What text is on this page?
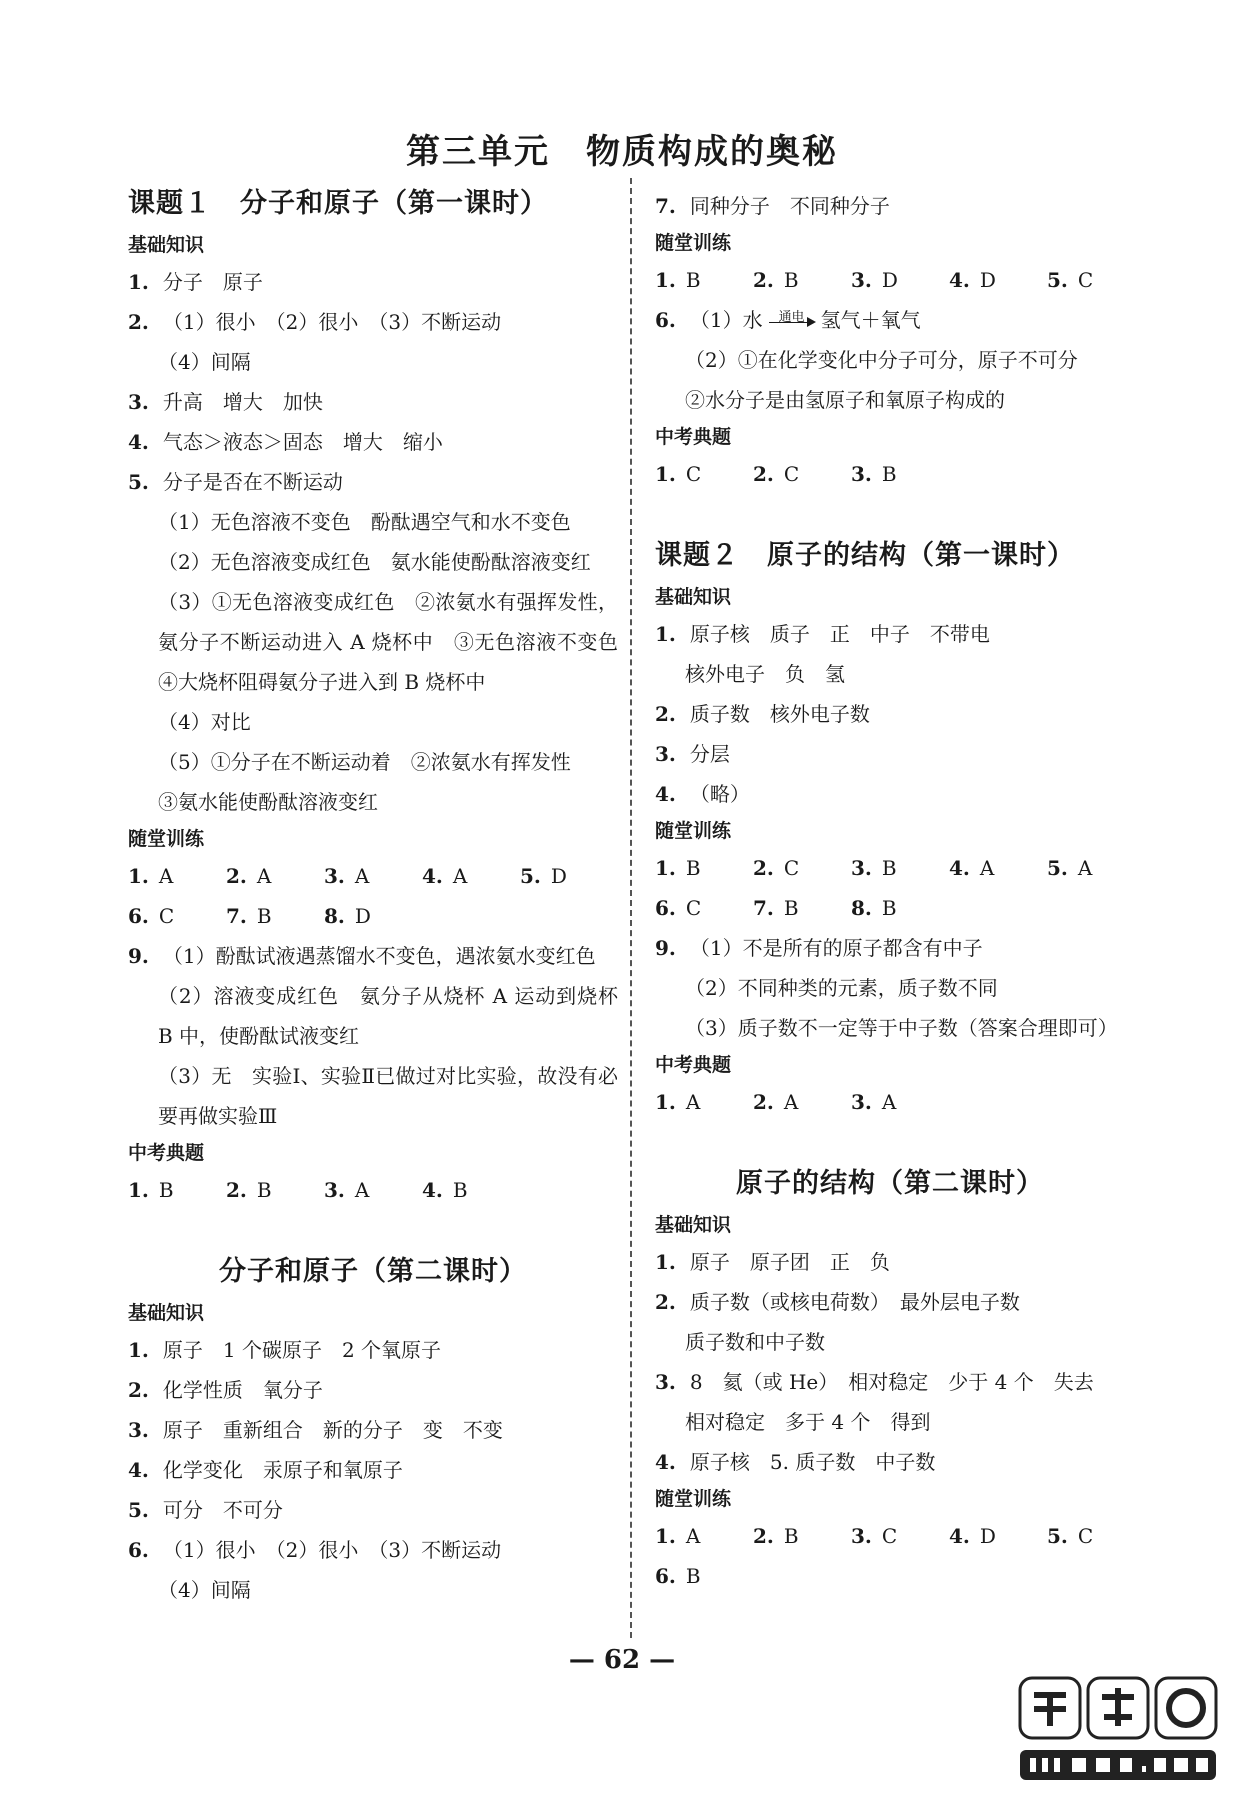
第三单元　物质构成的奥秘
课题１　分子和原子（第一课时）
基础知识
1. 分子　原子
2. （1）很小　（2）很小　（3）不断运动
（4）间隔
3. 升高　增大　加快
4. 气态＞液态＞固态　增大　缩小
5. 分子是否在不断运动
（1）无色溶液不变色　酚酞遇空气和水不变色
（2）无色溶液变成红色　氨水能使酚酞溶液变红
（3）①无色溶液变成红色　②浓氨水有强挥发性，氨分子不断运动进入 A 烧杯中　③无色溶液不变色　④大烧杯阻碍氨分子进入到 B 烧杯中
（4）对比
（5）①分子在不断运动着　②浓氨水有挥发性
③氨水能使酚酞溶液变红
随堂训练
1. A	2. A	3. A	4. A	5. D
6. C	7. B	8. D
9. （1）酚酞试液遇蒸馏水不变色，遇浓氨水变红色
（2）溶液变成红色　氨分子从烧杯 A 运动到烧杯 B 中，使酚酞试液变红
（3）无　实验Ⅰ、实验Ⅱ已做过对比实验，故没有必要再做实验Ⅲ
中考典题
1. B	2. B	3. A	4. B
分子和原子（第二课时）
基础知识
1. 原子　1 个碳原子　2 个氧原子
2. 化学性质　氧分子
3. 原子　重新组合　新的分子　变　不变
4. 化学变化　汞原子和氧原子
5. 可分　不可分
6. （1）很小　（2）很小　（3）不断运动
（4）间隔
7. 同种分子　不同种分子
随堂训练
1. B	2. B	3. D	4. D	5. C
6. （1）水	通电 氢气＋氧气
（2）①在化学变化中分子可分，原子不可分
②水分子是由氢原子和氧原子构成的
中考典题
1. C	2. C	3. B
课题２　原子的结构（第一课时）
基础知识
1. 原子核　质子　正　中子　不带电
核外电子　负　氢
2. 质子数　核外电子数
3. 分层
4. （略）
随堂训练
1. B	2. C	3. B	4. A	5. A
6. C	7. B	8. B
9. （1）不是所有的原子都含有中子
（2）不同种类的元素，质子数不同
（3）质子数不一定等于中子数（答案合理即可）
中考典题
1. A	2. A	3. A
原子的结构（第二课时）
基础知识
1. 原子　原子团　正　负
2. 质子数（或核电荷数）　最外层电子数
质子数和中子数
3. 8　氦（或 He）　相对稳定　少于 4 个　失去
相对稳定　多于 4 个　得到
4. 原子核　5. 质子数　中子数
随堂训练
1. A	2. B	3. C	4. D	5. C
6. B
— 62 —
